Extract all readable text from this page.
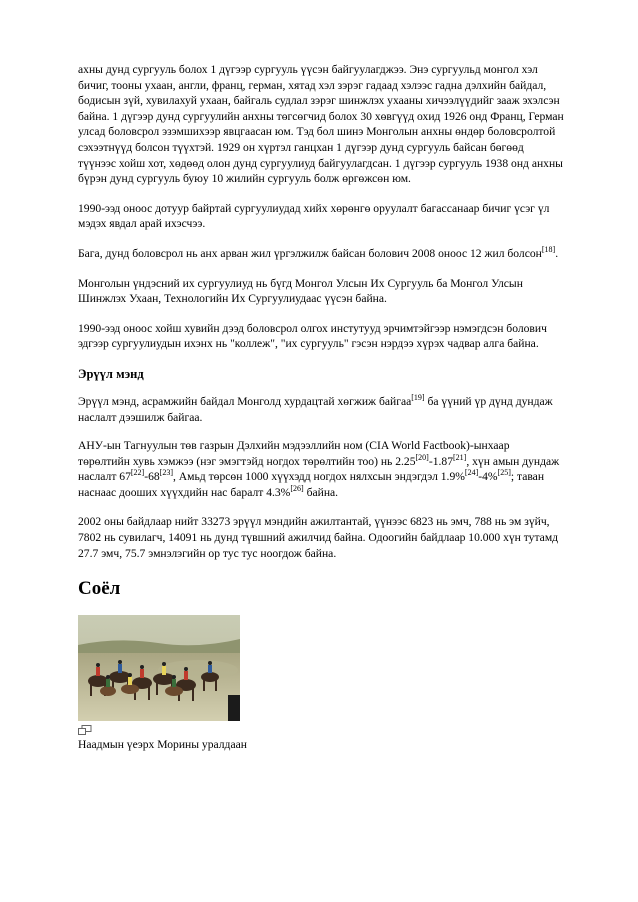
ахны дунд сургууль болох 1 дүгээр сургууль үүсэн байгуулагджээ. Энэ сургуульд монгол хэл бичиг, тооны ухаан, англи, франц, герман, хятад хэл зэрэг гадаад хэлээс гадна дэлхийн байдал, бодисын зүй, хувилахуй ухаан, байгаль судлал зэрэг шинжлэх ухааны хичээлүүдийг зааж эхэлсэн байна. 1 дүгээр дунд сургуулийн анхны төгсөгчид болох 30 хөвгүүд охид 1926 онд Франц, Герман улсад боловсрол эзэмшихээр явцгаасан юм. Тэд бол шинэ Монголын анхны өндөр боловсролтой сэхээтнүүд болсон түүхтэй. 1929 он хүртэл ганцхан 1 дүгээр дунд сургууль байсан бөгөөд түүнээс хойш хот, хөдөөд олон дунд сургуулиуд байгуулагдсан. 1 дүгээр сургууль 1938 онд анхны бүрэн дунд сургууль буюу 10 жилийн сургууль болж өргөжсөн юм.

1990-ээд оноос дотуур байртай сургуулиудад хийх хөрөнгө оруулалт багассанаар бичиг үсэг үл мэдэх явдал арай ихэсчээ.

Бага, дунд боловсрол нь анх арван жил үргэлжилж байсан болович 2008 оноос 12 жил болсон[18].

Монголын үндэсний их сургуулиуд нь бүгд Монгол Улсын Их Сургууль ба Монгол Улсын Шинжлэх Ухаан, Технологийн Их Сургуулиудаас үүсэн байна.

1990-ээд оноос хойш хувийн дээд боловсрол олгох инстутууд эрчимтэйгээр нэмэгдсэн болович эдгээр сургуулиудын ихэнх нь "коллеж", "их сургууль" гэсэн нэрдээ хүрэх чадвар алга байна.

Эрүүл мэнд

Эрүүл мэнд, асрамжийн байдал Монголд хурдацтай хөгжиж байгаа[19] ба үүний үр дүнд дундаж наслалт дээшилж байгаа.

АНУ-ын Тагнуулын төв газрын Дэлхийн мэдээллийн ном (CIA World Factbook)-ынхаар төрөлтийн хувь хэмжээ (нэг эмэгтэйд ногдох төрөлтийн тоо) нь 2.25[20]-1.87[21], хүн амын дундаж наслалт 67[22]-68[23], Амьд төрсөн 1000 хүүхэдд ногдох нялхсын эндэгдэл 1.9%[24]-4%[25]; таван наснаас дооших хүүхдийн нас баралт 4.3%[26] байна.

2002 оны байдлаар нийт 33273 эрүүл мэндийн ажилтантай, үүнээс 6823 нь эмч, 788 нь эм зүйч, 7802 нь сувилагч, 14091 нь дунд түвшний ажилчид байна. Одоогийн байдлаар 10.000 хүн тутамд 27.7 эмч, 75.7 эмнэлэгийн ор тус тус ноогдож байна.

Соёл
Наадмын үеэрх Морины уралдаан
